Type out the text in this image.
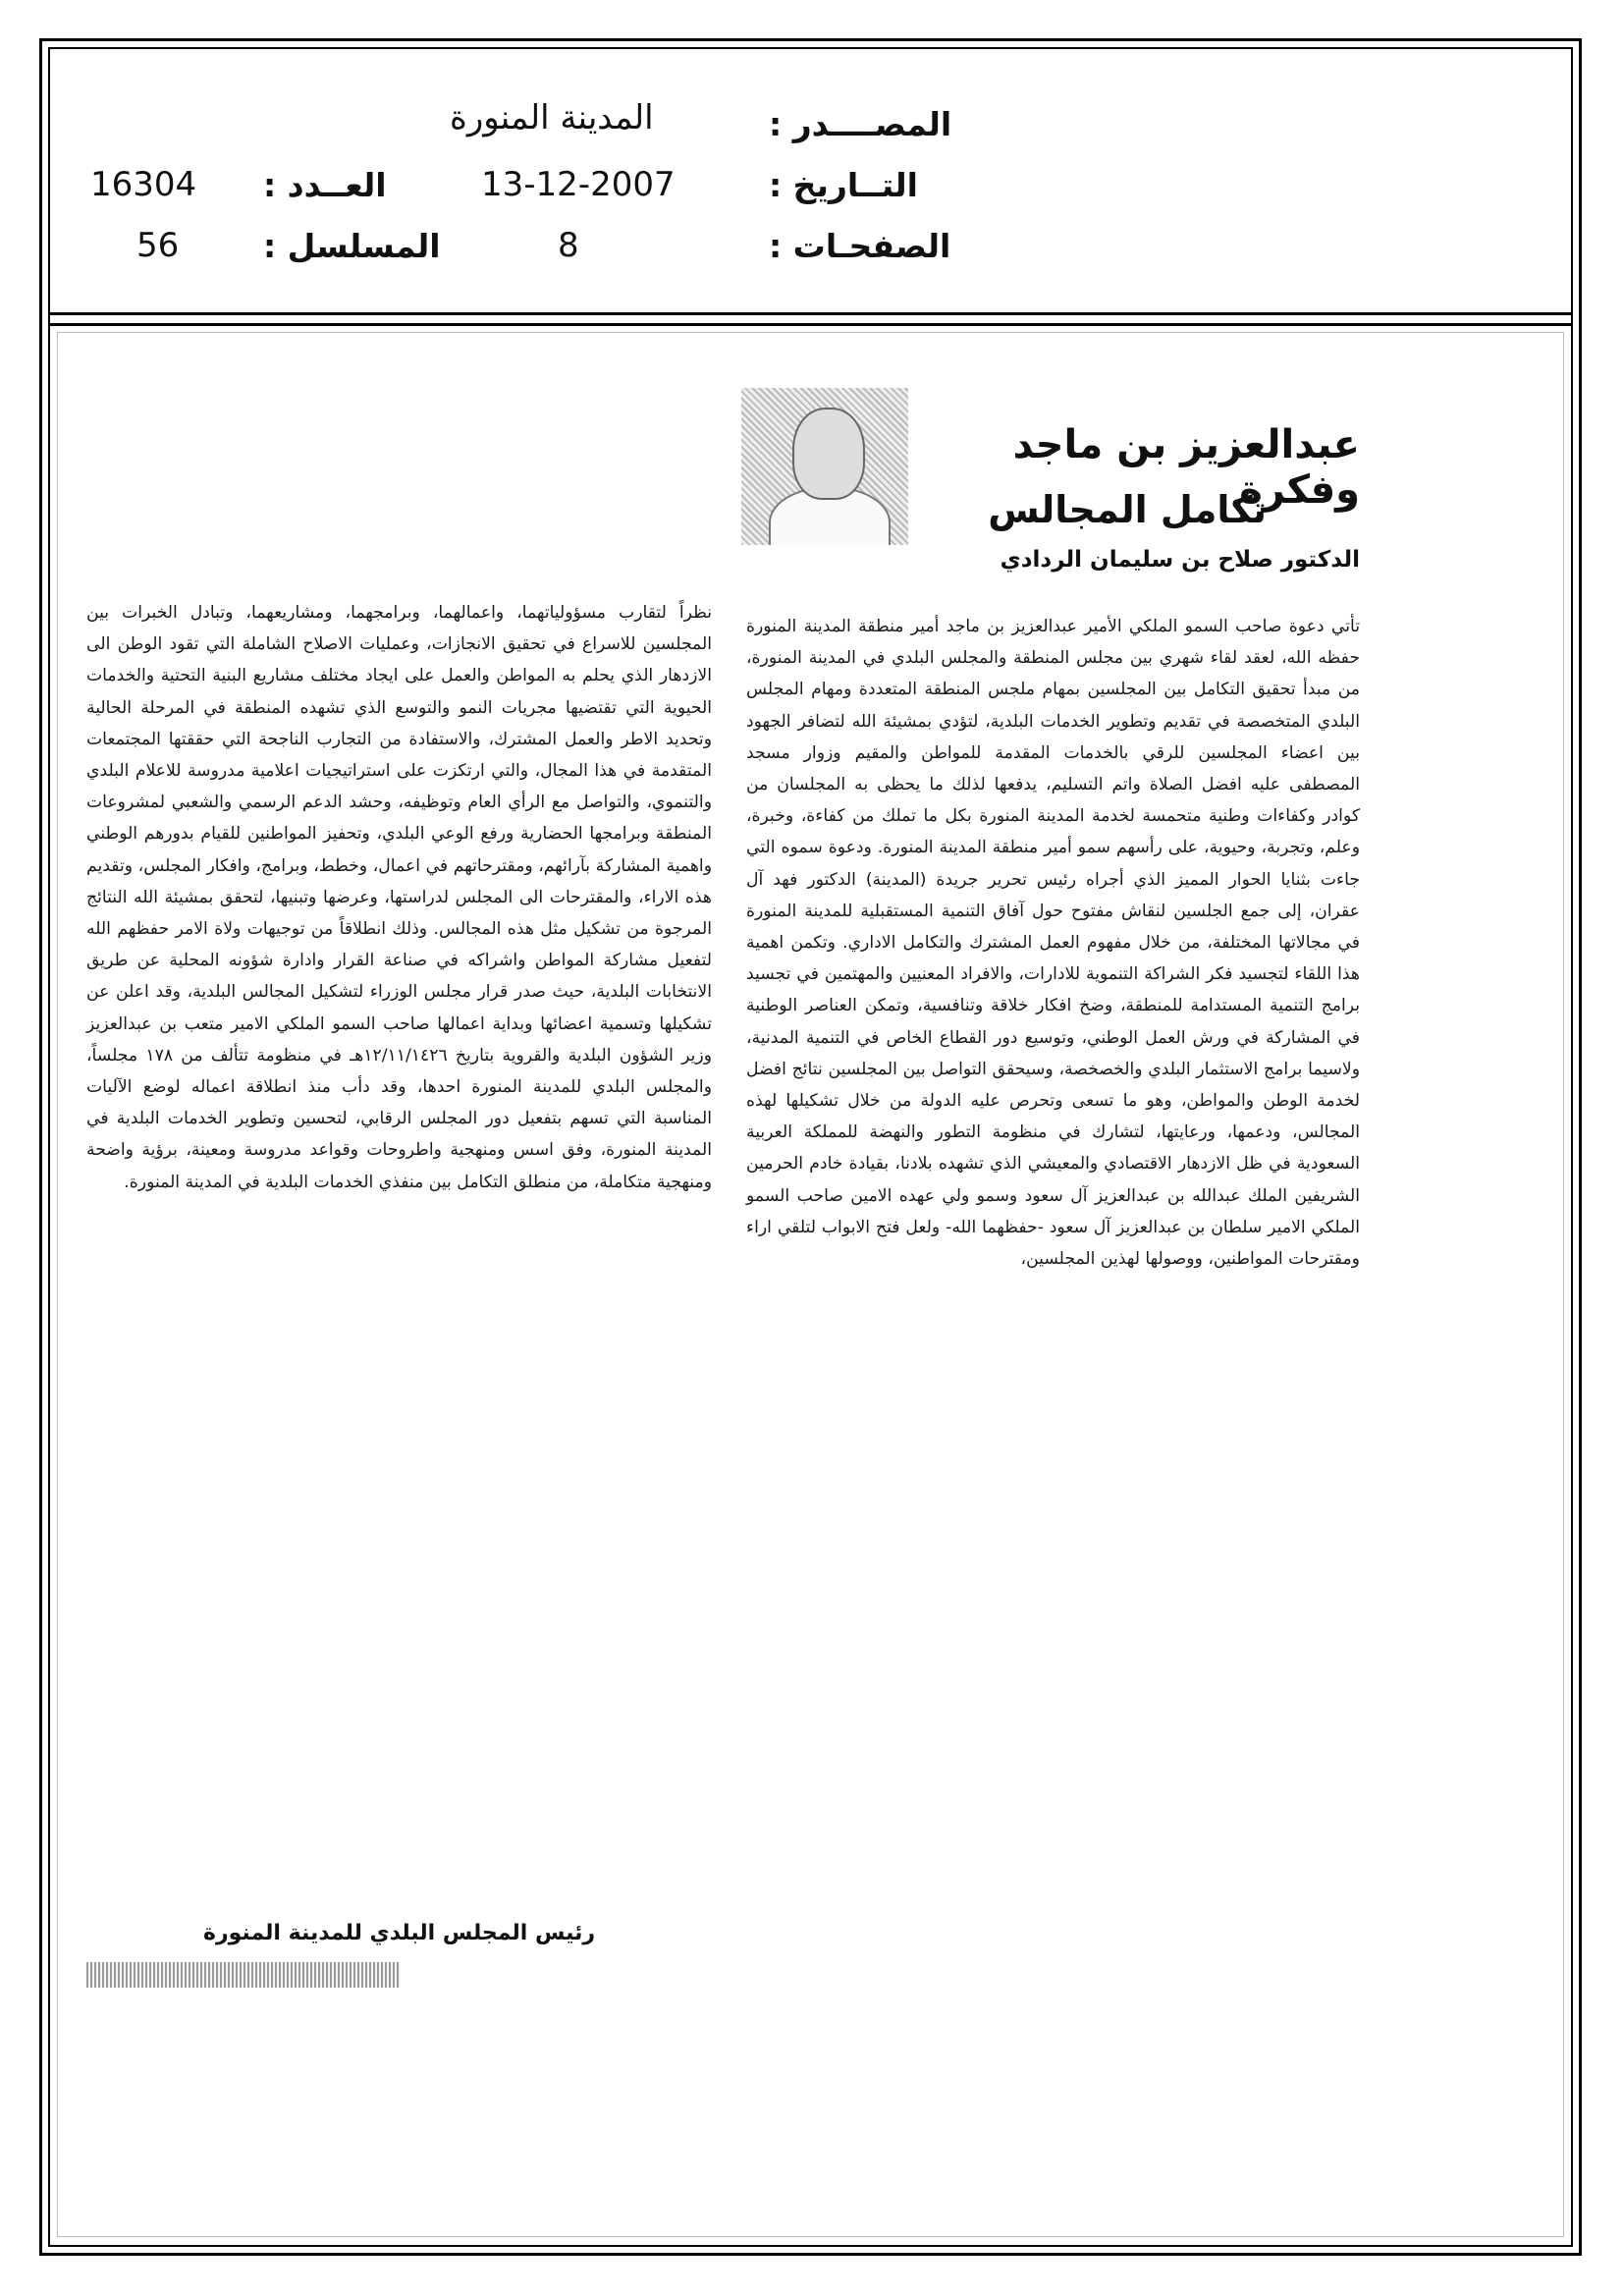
المصــــدر :
التــاريخ :
الصفحـات :
المدينة المنورة
13-12-2007
8
العــدد :
المسلسل :
16304
56
عبدالعزيز بن ماجد وفكرة
تكامل المجالس
الدكتور صلاح بن سليمان الردادي
تأتي دعوة صاحب السمو الملكي الأمير عبدالعزيز بن ماجد أمير منطقة المدينة المنورة حفظه الله، لعقد لقاء شهري بين مجلس المنطقة والمجلس البلدي في المدينة المنورة، من مبدأ تحقيق التكامل بين المجلسين بمهام ملجس المنطقة المتعددة ومهام المجلس البلدي المتخصصة في تقديم وتطوير الخدمات البلدية، لتؤدي بمشيئة الله لتضافر الجهود بين اعضاء المجلسين للرقي بالخدمات المقدمة للمواطن والمقيم وزوار مسجد المصطفى عليه افضل الصلاة واتم التسليم، يدفعها لذلك ما يحظى به المجلسان من كوادر وكفاءات وطنية متحمسة لخدمة المدينة المنورة بكل ما تملك من كفاءة، وخبرة، وعلم، وتجربة، وحيوية، على رأسهم سمو أمير منطقة المدينة المنورة. ودعوة سموه التي جاءت بثنايا الحوار المميز الذي أجراه رئيس تحرير جريدة (المدينة) الدكتور فهد آل عقران، إلى جمع الجلسين لنقاش مفتوح حول آفاق التنمية المستقبلية للمدينة المنورة في مجالاتها المختلفة، من خلال مفهوم العمل المشترك والتكامل الاداري. وتكمن اهمية هذا اللقاء لتجسيد فكر الشراكة التنموية للادارات، والافراد المعنيين والمهتمين في تجسيد برامج التنمية المستدامة للمنطقة، وضخ افكار خلاقة وتنافسية، وتمكن العناصر الوطنية في المشاركة في ورش العمل الوطني، وتوسيع دور القطاع الخاص في التنمية المدنية، ولاسيما برامج الاستثمار البلدي والخصخصة، وسيحقق التواصل بين المجلسين نتائج افضل لخدمة الوطن والمواطن، وهو ما تسعى وتحرص عليه الدولة من خلال تشكيلها لهذه المجالس، ودعمها، ورعايتها، لتشارك في منظومة التطور والنهضة للمملكة العربية السعودية في ظل الازدهار الاقتصادي والمعيشي الذي تشهده بلادنا، بقيادة خادم الحرمين الشريفين الملك عبدالله بن عبدالعزيز آل سعود وسمو ولي عهده الامين صاحب السمو الملكي الامير سلطان بن عبدالعزيز آل سعود -حفظهما الله- ولعل فتح الابواب لتلقي اراء ومقترحات المواطنين، ووصولها لهذين المجلسين،
نظراً لتقارب مسؤولياتهما، واعمالهما، وبرامجهما، ومشاريعهما، وتبادل الخبرات بين المجلسين للاسراع في تحقيق الانجازات، وعمليات الاصلاح الشاملة التي تقود الوطن الى الازدهار الذي يحلم به المواطن والعمل على ايجاد مختلف مشاريع البنية التحتية والخدمات الحيوية التي تقتضيها مجريات النمو والتوسع الذي تشهده المنطقة في المرحلة الحالية وتحديد الاطر والعمل المشترك، والاستفادة من التجارب الناجحة التي حققتها المجتمعات المتقدمة في هذا المجال، والتي ارتكزت على استراتيجيات اعلامية مدروسة للاعلام البلدي والتنموي، والتواصل مع الرأي العام وتوظيفه، وحشد الدعم الرسمي والشعبي لمشروعات المنطقة وبرامجها الحضارية ورفع الوعي البلدي، وتحفيز المواطنين للقيام بدورهم الوطني واهمية المشاركة بآرائهم، ومقترحاتهم في اعمال، وخطط، وبرامج، وافكار المجلس، وتقديم هذه الاراء، والمقترحات الى المجلس لدراستها، وعرضها وتبنيها، لتحقق بمشيئة الله النتائج المرجوة من تشكيل مثل هذه المجالس. وذلك انطلاقاً من توجيهات ولاة الامر حفظهم الله لتفعيل مشاركة المواطن واشراكه في صناعة القرار وادارة شؤونه المحلية عن طريق الانتخابات البلدية، حيث صدر قرار مجلس الوزراء لتشكيل المجالس البلدية، وقد اعلن عن تشكيلها وتسمية اعضائها وبداية اعمالها صاحب السمو الملكي الامير متعب بن عبدالعزيز وزير الشؤون البلدية والقروية بتاريخ ١٢/١١/١٤٢٦هـ في منظومة تتألف من ١٧٨ مجلساً، والمجلس البلدي للمدينة المنورة احدها، وقد دأب منذ انطلاقة اعماله لوضع الآليات المناسبة التي تسهم بتفعيل دور المجلس الرقابي، لتحسين وتطوير الخدمات البلدية في المدينة المنورة، وفق اسس ومنهجية واطروحات وقواعد مدروسة ومعينة، برؤية واضحة ومنهجية متكاملة، من منطلق التكامل بين منفذي الخدمات البلدية في المدينة المنورة.
رئيس المجلس البلدي للمدينة المنورة
